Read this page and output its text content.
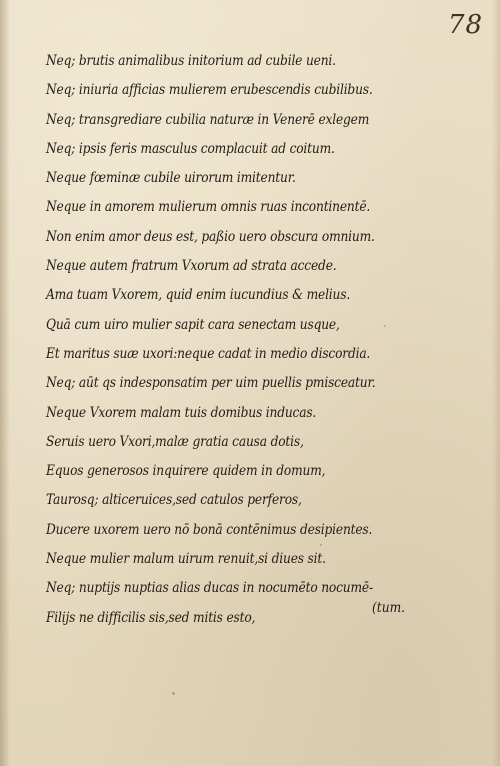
78
Neq; brutis animalibus initorium ad cubile ueni.
Neq; iniuria afficias mulierem erubescendis cubilibus.
Neq; transgrediare cubilia naturæ in Venerē exlegem
Neq; ipsis feris masculus complacuit ad coitum.
Neque fœminæ cubile uirorum imitentur.
Neque in amorem mulierum omnis ruas incontinentē.
Non enim amor deus est, paßio uero obscura omnium.
Neque autem fratrum Vxorum ad strata accede.
Ama tuam Vxorem, quid enim iucundius & melius.
Quā cum uiro mulier sapit cara senectam usque,
Et maritus suæ uxori:neque cadat in medio discordia.
Neq; aūt qs indesponsatim per uim puellis pmisceatur.
Neque Vxorem malam tuis domibus inducas.
Seruis uero Vxori,malæ gratia causa dotis,
Equos generosos inquirere quidem in domum,
Taurosq; alticeruices,sed catulos perferos,
Ducere uxorem uero nō bonā contēnimus desipientes.
Neque mulier malum uirum renuit,si diues sit.
Neq; nuptijs nuptias alias ducas in nocumēto nocumē-
Filijs ne difficilis sis,sed mitis esto,
(tum.
